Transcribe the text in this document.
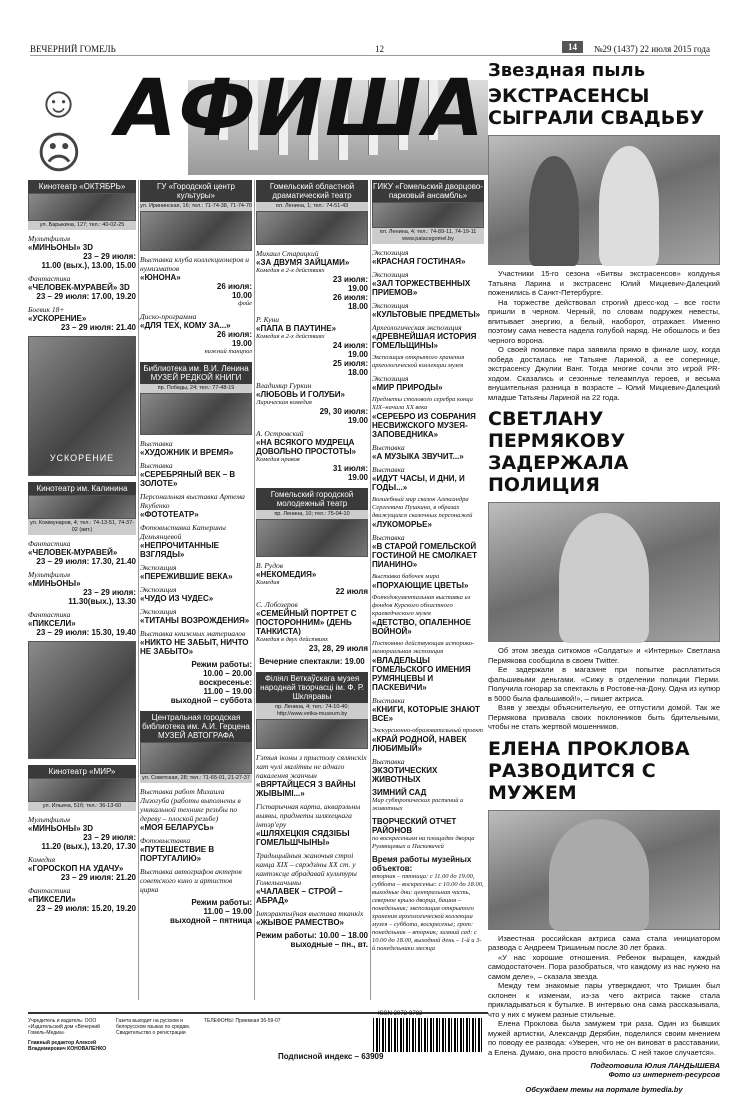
ВЕЧЕРНИЙ ГОМЕЛЬ	12	14	№29 (1437) 22 июля 2015 года
☺☹ АФИША
Кинотеатр «ОКТЯБРЬ»
ул. Барыкина, 127; тел.: 40-02-25
Мультфильм
«МИНЬОНЫ» 3D
23 – 29 июля:
11.00 (вых.), 13.00, 15.00
Фантастика
«ЧЕЛОВЕК-МУРАВЕЙ» 3D
23 – 29 июля: 17.00, 19.20
Боевик 18+
«УСКОРЕНИЕ»
23 – 29 июля: 21.40
УСКОРЕНИЕ
Кинотеатр им. Калинина
ул. Коммунаров, 4; тел.: 74-13-51, 74-37-02 (авт.)
Фантастика
«ЧЕЛОВЕК-МУРАВЕЙ»
23 – 29 июля: 17.30, 21.40
Мультфильм
«МИНЬОНЫ»
23 – 29 июля:
11.30(вых.), 13.30
Фантастика
«ПИКСЕЛИ»
23 – 29 июля: 15.30, 19.40
Кинотеатр «МИР»
ул. Ильича, 51б; тел.: 36-13-60
Мультфильм
«МИНЬОНЫ» 3D
23 – 29 июля:
11.20 (вых.), 13.20, 17.30
Комедия
«ГОРОСКОП НА УДАЧУ»
23 – 29 июля: 21.20
Фантастика
«ПИКСЕЛИ»
23 – 29 июля: 15.20, 19.20
ГУ «Городской центр культуры»
ул. Ирининская, 16; тел.: 71-74-38, 71-74-70
Выставка клуба коллекционеров и нумизматов
«ЮНОНА»
26 июля:
10.00
фойе
Диско-программа
«ДЛЯ ТЕХ, КОМУ ЗА...»
26 июля:
19.00
нижний танцпол
Библиотека им. В.И. Ленина МУЗЕЙ РЕДКОЙ КНИГИ
пр. Победы, 24; тел.: 77-48-19
Выставка
«ХУДОЖНИК И ВРЕМЯ»
Выставка
«СЕРЕБРЯНЫЙ ВЕК – В ЗОЛОТЕ»
Персональная выставка Артема Якубенко
«ФОТОТЕАТР»
Фотовыставка Катерины Демьянцевой
«НЕПРОЧИТАННЫЕ ВЗГЛЯДЫ»
Экспозиция
«ПЕРЕЖИВШИЕ ВЕКА»
Экспозиция
«ЧУДО ИЗ ЧУДЕС»
Экспозиция
«ТИТАНЫ ВОЗРОЖДЕНИЯ»
Выставка книжных материалов
«НИКТО НЕ ЗАБЫТ, НИЧТО НЕ ЗАБЫТО»
Режим работы:
10.00 – 20.00
воскресенье:
11.00 – 19.00
выходной – суббота
Центральная городская библиотека им. А.И. Герцена МУЗЕЙ АВТОГРАФА
ул. Советская, 28; тел.: 71-65-01, 21-27-37
Выставка работ Михаила Лизогуба (работы выполнены в уникальной технике резьбы по дереву – плоской резьбе)
«МОЯ БЕЛАРУСЬ»
Фотовыставка
«ПУТЕШЕСТВИЕ В ПОРТУГАЛИЮ»
Выставка автографов актеров советского кино и артистов цирка
Режим работы:
11.00 – 19.00
выходной – пятница
Гомельский областной драматический театр
пл. Ленина, 1; тел.: 74-51-43
Михаил Старицкий
«ЗА ДВУМЯ ЗАЙЦАМИ»
Комедия в 2-х действиях
23 июля:
19.00
26 июля:
18.00
Р. Куни
«ПАПА В ПАУТИНЕ»
Комедия в 2-х действиях
24 июля:
19.00
25 июля:
18.00
Владимир Гуркин
«ЛЮБОВЬ И ГОЛУБИ»
Лирическая комедия
29, 30 июля:
19.00
А. Островский
«НА ВСЯКОГО МУДРЕЦА ДОВОЛЬНО ПРОСТОТЫ»
Комедия нравов
31 июля:
19.00
Гомельский городской молодежный театр
пр. Ленина, 10; тел.: 75-04-10
В. Рудов
«НЕКОМЕДИЯ»
Комедия
22 июля
С. Лобозеров
«СЕМЕЙНЫЙ ПОРТРЕТ С ПОСТОРОННИМ» (ДЕНЬ ТАНКИСТА)
Комедия в двух действиях
23, 28, 29 июля
Вечерние спектакли: 19.00
Філіял Веткаўскага музея народнай творчасці ім. Ф. Р. Шкляравы
пр. Ленина, 4; тел.: 74-10-40; http://www.vetka-museum.by
Гэтыя іконы з прыстолу сялянскіх хат чулі малітвы не аднаго пакалення жанчын
«ВЯРТАЙЦЕСЯ З ВАЙНЫ ЖЫВЫМІ...»
Гістарычная карта, акварэльны выявы, прадметы шляхецкага інтэр'еру
«ШЛЯХЕЦКІЯ СЯДЗІБЫ ГОМЕЛЬШЧЫНЫ»
Традыцыйныя жаночыя строі канца XIX – сярэдзіны XX ст. у кантэксце абрадавай культуры Гомельшчыны
«ЧАЛАВЕК – СТРОЙ – АБРАД»
Інтэрактыўная выстава тканкіх
«ЖЫВОЕ РАМЕСТВО»
Режим работы: 10.00 – 18.00
выходные – пн., вт.
ГИКУ «Гомельский дворцово-парковый ансамбль»
пл. Ленина, 4; тел.: 74-89-11, 74-19-11 www.palacegomel.by
Экспозиция
«КРАСНАЯ ГОСТИНАЯ»
Экспозиция
«ЗАЛ ТОРЖЕСТВЕННЫХ ПРИЕМОВ»
Экспозиция
«КУЛЬТОВЫЕ ПРЕДМЕТЫ»
Археологическая экспозиция
«ДРЕВНЕЙШАЯ ИСТОРИЯ ГОМЕЛЬЩИНЫ»
Экспозиция открытого хранения археологической коллекции музея
Экспозиция
«МИР ПРИРОДЫ»
Предметы столового серебра конца XIX–начала XX века
«СЕРЕБРО ИЗ СОБРАНИЯ НЕСВИЖСКОГО МУЗЕЯ-ЗАПОВЕДНИКА»
Выставка
«А МУЗЫКА ЗВУЧИТ...»
Выставка
«ИДУТ ЧАСЫ, И ДНИ, И ГОДЫ...»
Волшебный мир сказок Александра Сергеевича Пушкина, в образах движущихся сказочных персонажей
«ЛУКОМОРЬЕ»
Выставка
«В СТАРОЙ ГОМЕЛЬСКОЙ ГОСТИНОЙ НЕ СМОЛКАЕТ ПИАНИНО»
Выставка бабочек мира
«ПОРХАЮЩИЕ ЦВЕТЫ»
Фотодокументальная выставка из фондов Курского областного краеведческого музея
«ДЕТСТВО, ОПАЛЕННОЕ ВОЙНОЙ»
Постоянно действующая историко-мемориальная экспозиция
«ВЛАДЕЛЬЦЫ ГОМЕЛЬСКОГО ИМЕНИЯ РУМЯНЦЕВЫ И ПАСКЕВИЧИ»
Выставка
«КНИГИ, КОТОРЫЕ ЗНАЮТ ВСЕ»
Экскурсионно-образовательный проект
«КРАЙ РОДНОЙ, НАВЕК ЛЮБИМЫЙ»
Выставка
ЭКЗОТИЧЕСКИХ ЖИВОТНЫХ
ЗИМНИЙ САД
Мир субтропических растений и животных
ТВОРЧЕСКИЙ ОТЧЕТ РАЙОНОВ
по воскресеньям на площадях дворца Румянцевых и Паскевичей
Время работы музейных объектов:
вторник – пятница: с 11.00 до 19.00, суббота – воскресенье: с 10.00 до 18.00, выходные дни: центральная часть, северное крыло дворца, башня – понедельник; экспозиция открытого хранения археологической коллекции музея – суббота, воскресенье; грот: понедельник – вторник; зимний сад: с 10.00 до 18.00, выходной день – 1-й и 3-й понедельники месяца
Звездная пыль
ЭКСТРАСЕНСЫ СЫГРАЛИ СВАДЬБУ
Участники 15-го сезона «Битвы экстрасенсов» колдунья Татьяна Ларина и экстрасенс Юлий Мицкевич-Далецкий поженились в Санкт-Петербурге.
На торжестве действовал строгий дресс-код – все гости пришли в черном. Черный, по словам подружек невесты, впитывает энергию, а белый, наоборот, отражает. Именно поэтому сама невеста надела голубой наряд. Не обошлось и без черного ворона.
О своей помолвке пара заявила прямо в финале шоу, когда победа досталась не Татьяне Лариной, а ее сопернице, экстрасенсу Джулии Ванг. Тогда многие сочли это игрой PR-ходом. Сказались и сезонные телеамплуа героев, и весьма внушительная разница в возрасте – Юлий Мицкевич-Далецкий младше Татьяны Лариной на 22 года.
СВЕТЛАНУ ПЕРМЯКОВУ ЗАДЕРЖАЛА ПОЛИЦИЯ
Об этом звезда ситкомов «Солдаты» и «Интерны» Светлана Пермякова сообщила в своем Twitter.
Ее задержали в магазине при попытке расплатиться фальшивыми деньгами. «Сижу в отделении полиции Перми. Получила гонорар за спектакль в Ростове-на-Дону. Одна из купюр в 5000 была фальшивой!», – пишет актриса.
Взяв у звезды объяснительную, ее отпустили домой. Так же Пермякова призвала своих поклонников быть бдительными, чтобы не стать жертвой мошенников.
ЕЛЕНА ПРОКЛОВА РАЗВОДИТСЯ С МУЖЕМ
Известная российская актриса сама стала инициатором развода с Андреем Тришиным после 30 лет брака.
«У нас хорошие отношения. Ребенок выращен, каждый самодостаточен. Пора разобраться, что каждому из нас нужно на самом деле», – сказала звезда.
Между тем знакомые пары утверждают, что Тришин был склонен к изменам, из-за чего актриса также стала прикладываться к бутылке. В интервью она сама рассказывала, что у них с мужем разные стильные.
Елена Проклова была замужем три раза. Один из бывших мужей артистки, Александр Дерябин, поделился своим мнением по поводу ее развода: «Уверен, что не он виноват в расставании, а Елена. Думаю, она просто влюбилась. С ней такое случается».
Подготовила Юлия ЛАНДЫШЕВА
Фото из интернет-ресурсов
Обсуждаем темы на портале bymedia.by
Учредитель и издатель: ООО «Издательский дом «Вечерний Гомель-Медиа»
Главный редактор Алексей Владимирович КОНОВАЛЕНКО
Газета выходит на русском и белорусском языках по средам. Свидетельство о регистрации
ТЕЛЕФОНЫ: Приемная 36-59-07
ISSN 2072-9782
Подписной индекс – 63909
